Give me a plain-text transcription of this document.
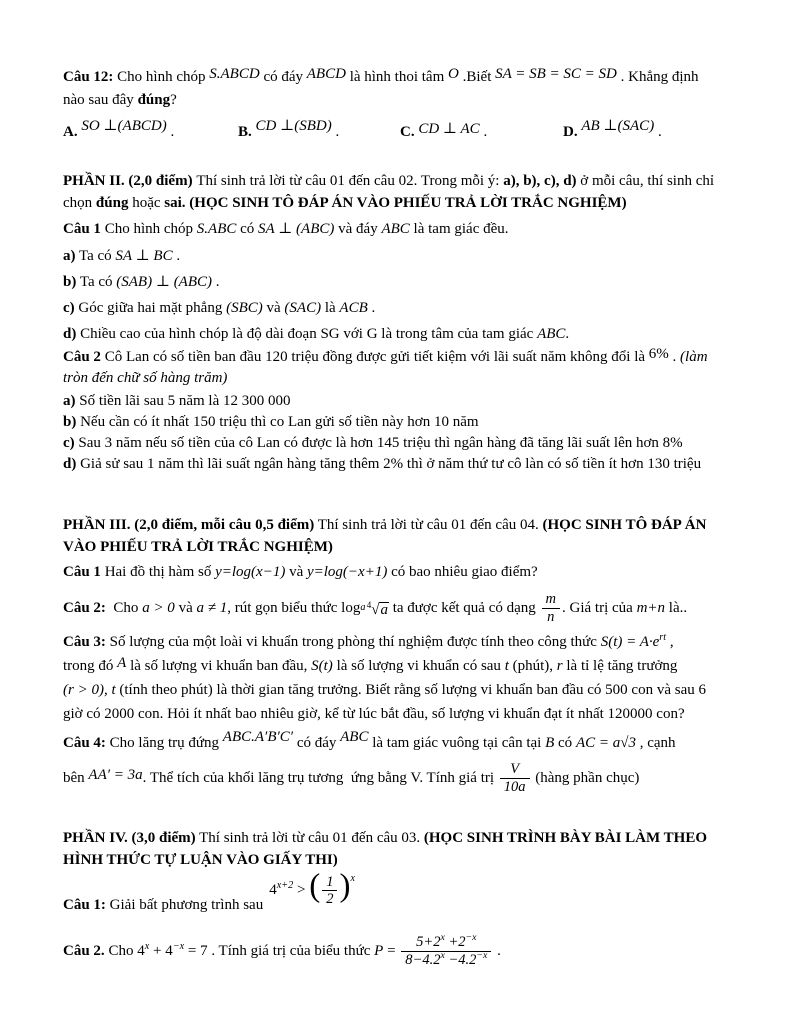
Câu 12: Cho hình chóp S.ABCD có đáy ABCD là hình thoi tâm O .Biết SA = SB = SC = SD . Khẳng định

nào sau đây đúng?

A. SO ⊥(ABCD) .	B. CD ⊥(SBD) .	C. CD ⊥ AC .	D. AB ⊥(SAC) .

PHẦN II. (2,0 điểm) Thí sinh trả lời từ câu 01 đến câu 02. Trong mỗi ý: a), b), c), d) ở mỗi câu, thí sinh chỉ

chọn đúng hoặc sai. (HỌC SINH TÔ ĐÁP ÁN VÀO PHIẾU TRẢ LỜI TRẮC NGHIỆM)

Câu 1 Cho hình chóp S.ABC có SA ⊥ (ABC) và đáy ABC là tam giác đều.

a) Ta có SA ⊥ BC .

b) Ta có (SAB) ⊥ (ABC) .

c) Góc giữa hai mặt phẳng (SBC) và (SAC) là ACB .

d) Chiều cao của hình chóp là độ dài đoạn SG với G là trong tâm của tam giác ABC.

Câu 2 Cô Lan có số tiền ban đầu 120 triệu đồng được gửi tiết kiệm với lãi suất năm không đổi là 6% . (làm

tròn đến chữ số hàng trăm)

a) Số tiền lãi sau 5 năm là 12 300 000

b) Nếu cần có ít nhất 150 triệu thì co Lan gửi số tiền này hơn 10 năm

c) Sau 3 năm nếu số tiền của cô Lan có được là hơn 145 triệu thì ngân hàng đã tăng lãi suất lên hơn 8%

d) Giả sử sau 1 năm thì lãi suất ngân hàng tăng thêm 2% thì ở năm thứ tư cô làn có số tiền ít hơn 130 triệu

PHẦN III. (2,0 điểm, mỗi câu 0,5 điểm) Thí sinh trả lời từ câu 01 đến câu 04. (HỌC SINH TÔ ĐÁP ÁN

VÀO PHIẾU TRẢ LỜI TRẮC NGHIỆM)

Câu 1 Hai đồ thị hàm số y=log(x−1) và y=log(−x+1) có bao nhiêu giao điểm?

Câu 2:  Cho a > 0 và a ≠ 1, rút gọn biểu thức log a
  $^4$√a ta được kết quả có dạng $\frac{m}{n}$ . Giá trị của m+n là..

Câu 3: Số lượng của một loài vi khuẩn trong phòng thí nghiệm được tính theo công thức $S(t) = A\cdot e^{rt}$ ,

trong đó A là số lượng vi khuẩn ban đầu, S(t) là số lượng vi khuẩn có sau t (phút), r là tỉ lệ tăng trưởng

(r > 0), t (tính theo phút) là thời gian tăng trưởng. Biết rằng số lượng vi khuẩn ban đầu có 500 con và sau 6

giờ có 2000 con. Hỏi ít nhất bao nhiêu giờ, kể từ lúc bắt đầu, số lượng vi khuẩn đạt ít nhất 120000 con?

Câu 4: Cho lăng trụ đứng ABC.A′B′C′ có đáy ABC là tam giác vuông tại cân tại B có AC = a√3 , cạnh

bên AA′ = 3a. Thể tích của khối lăng trụ tương  ứng bằng V. Tính giá trị $\frac{V}{10a}$ (hàng phần chục)

PHẦN IV. (3,0 điểm) Thí sinh trả lời từ câu 01 đến câu 03. (HỌC SINH TRÌNH BÀY BÀI LÀM THEO

HÌNH THỨC TỰ LUẬN VÀO GIẤY THI)

Câu 1: Giải bất phương trình $sau4^{x+2}$ > ( $\frac{1}{2} )^x$

Câu 2. Cho $4^x + 4^{-x} = 7$ . Tính giá trị của biểu thức $P = \frac{5+2^x +2^{-x}}{8-4.2^x -4.2^{-x}}$ .
